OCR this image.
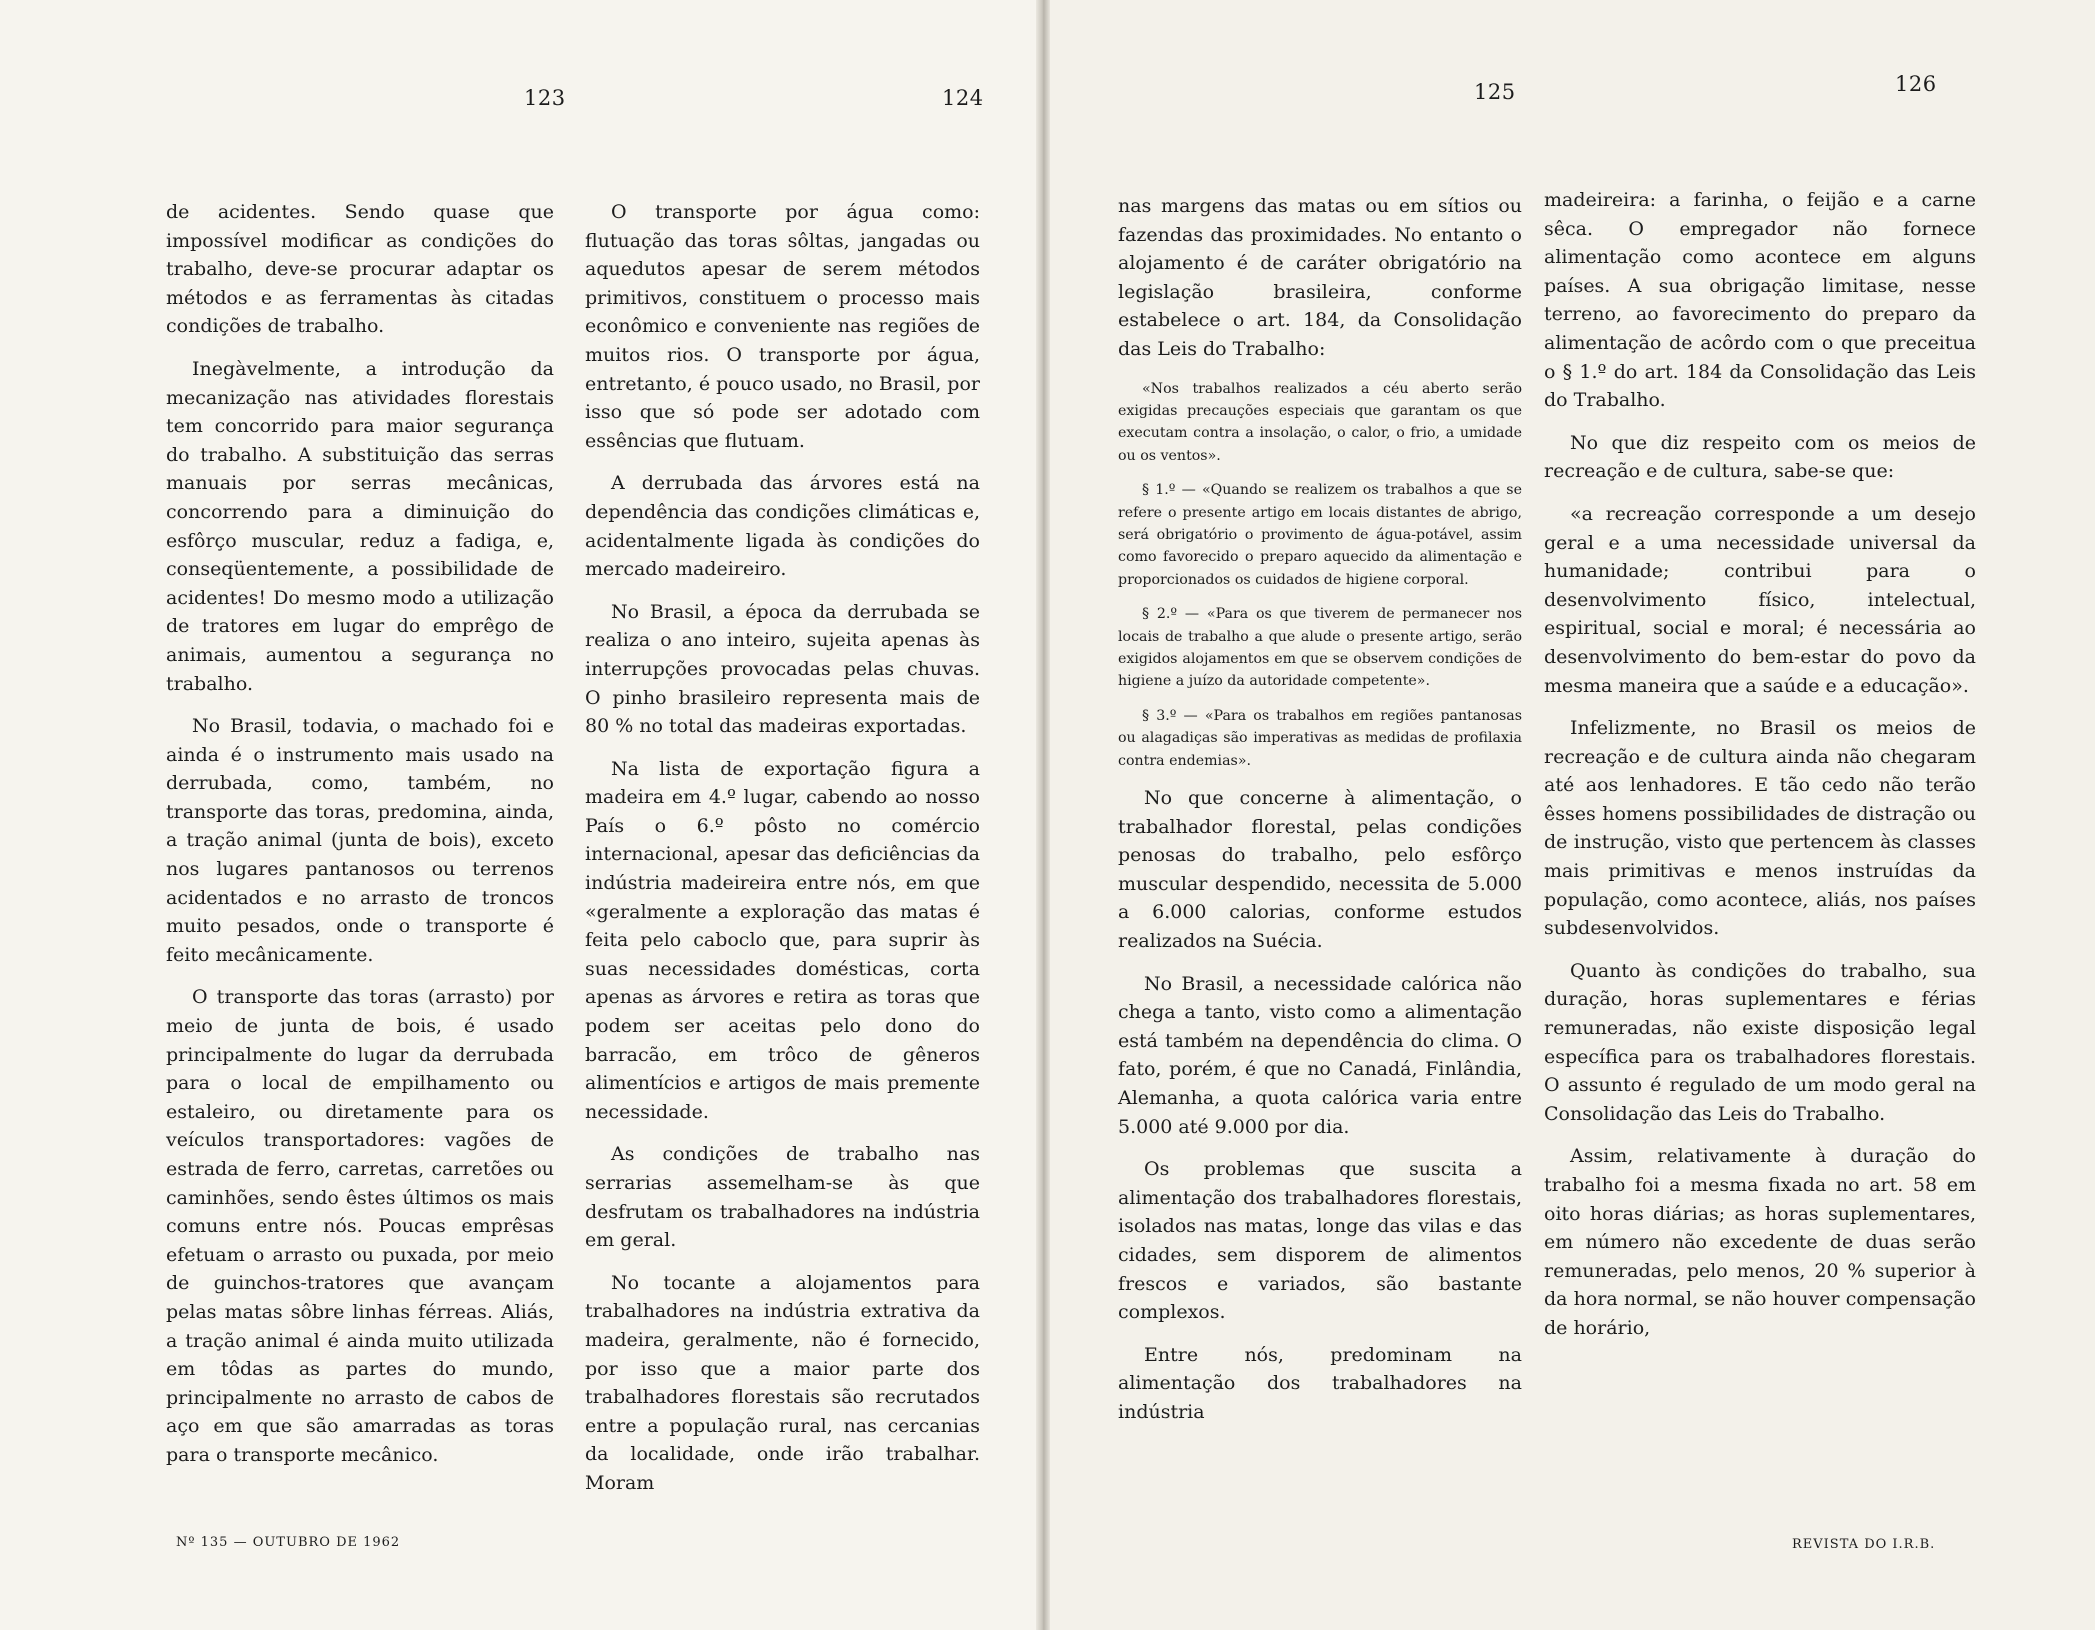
123	124	125	126

de acidentes. Sendo quase que impossível modificar as condições do trabalho, deve-se procurar adaptar os métodos e as ferramentas às citadas condições de trabalho.

Inegàvelmente, a introdução da mecanização nas atividades florestais tem concorrido para maior segurança do trabalho. A substituição das serras manuais por serras mecânicas, concorrendo para a diminuição do esfôrço muscular, reduz a fadiga, e, conseqüentemente, a possibilidade de acidentes! Do mesmo modo a utilização de tratores em lugar do emprêgo de animais, aumentou a segurança no trabalho.

No Brasil, todavia, o machado foi e ainda é o instrumento mais usado na derrubada, como, também, no transporte das toras, predomina, ainda, a tração animal (junta de bois), exceto nos lugares pantanosos ou terrenos acidentados e no arrasto de troncos muito pesados, onde o transporte é feito mecânicamente.

O transporte das toras (arrasto) por meio de junta de bois, é usado principalmente do lugar da derrubada para o local de empilhamento ou estaleiro, ou diretamente para os veículos transportadores: vagões de estrada de ferro, carretas, carretões ou caminhões, sendo êstes últimos os mais comuns entre nós. Poucas emprêsas efetuam o arrasto ou puxada, por meio de guinchos-tratores que avançam pelas matas sôbre linhas férreas. Aliás, a tração animal é ainda muito utilizada em tôdas as partes do mundo, principalmente no arrasto de cabos de aço em que são amarradas as toras para o transporte mecânico.

O transporte por água como: flutuação das toras sôltas, jangadas ou aquedutos apesar de serem métodos primitivos, constituem o processo mais econômico e conveniente nas regiões de muitos rios. O transporte por água, entretanto, é pouco usado, no Brasil, por isso que só pode ser adotado com essências que flutuam.

A derrubada das árvores está na dependência das condições climáticas e, acidentalmente ligada às condições do mercado madeireiro.

No Brasil, a época da derrubada se realiza o ano inteiro, sujeita apenas às interrupções provocadas pelas chuvas. O pinho brasileiro representa mais de 80 % no total das madeiras exportadas.

Na lista de exportação figura a madeira em 4.º lugar, cabendo ao nosso País o 6.º pôsto no comércio internacional, apesar das deficiências da indústria madeireira entre nós, em que «geralmente a exploração das matas é feita pelo caboclo que, para suprir às suas necessidades domésticas, corta apenas as árvores e retira as toras que podem ser aceitas pelo dono do barracão, em trôco de gêneros alimentícios e artigos de mais premente necessidade.

As condições de trabalho nas serrarias assemelham-se às que desfrutam os trabalhadores na indústria em geral.

No tocante a alojamentos para trabalhadores na indústria extrativa da madeira, geralmente, não é fornecido, por isso que a maior parte dos trabalhadores florestais são recrutados entre a população rural, nas cercanias da localidade, onde irão trabalhar. Moram

nas margens das matas ou em sítios ou fazendas das proximidades. No entanto o alojamento é de caráter obrigatório na legislação brasileira, conforme estabelece o art. 184, da Consolidação das Leis do Trabalho:

«Nos trabalhos realizados a céu aberto serão exigidas precauções especiais que garantam os que executam contra a insolação, o calor, o frio, a umidade ou os ventos».

§ 1.º — «Quando se realizem os trabalhos a que se refere o presente artigo em locais distantes de abrigo, será obrigatório o provimento de água-potável, assim como favorecido o preparo aquecido da alimentação e proporcionados os cuidados de higiene corporal.

§ 2.º — «Para os que tiverem de permanecer nos locais de trabalho a que alude o presente artigo, serão exigidos alojamentos em que se observem condições de higiene a juízo da autoridade competente».

§ 3.º — «Para os trabalhos em regiões pantanosas ou alagadiças são imperativas as medidas de profilaxia contra endemias».

No que concerne à alimentação, o trabalhador florestal, pelas condições penosas do trabalho, pelo esfôrço muscular despendido, necessita de 5.000 a 6.000 calorias, conforme estudos realizados na Suécia.

No Brasil, a necessidade calórica não chega a tanto, visto como a alimentação está também na dependência do clima. O fato, porém, é que no Canadá, Finlândia, Alemanha, a quota calórica varia entre 5.000 até 9.000 por dia.

Os problemas que suscita a alimentação dos trabalhadores florestais, isolados nas matas, longe das vilas e das cidades, sem disporem de alimentos frescos e variados, são bastante complexos.

Entre nós, predominam na alimentação dos trabalhadores na indústria

madeireira: a farinha, o feijão e a carne sêca. O empregador não fornece alimentação como acontece em alguns países. A sua obrigação limitase, nesse terreno, ao favorecimento do preparo da alimentação de acôrdo com o que preceitua o § 1.º do art. 184 da Consolidação das Leis do Trabalho.

No que diz respeito com os meios de recreação e de cultura, sabe-se que:

«a recreação corresponde a um desejo geral e a uma necessidade universal da humanidade; contribui para o desenvolvimento físico, intelectual, espiritual, social e moral; é necessária ao desenvolvimento do bem-estar do povo da mesma maneira que a saúde e a educação».

Infelizmente, no Brasil os meios de recreação e de cultura ainda não chegaram até aos lenhadores. E tão cedo não terão êsses homens possibilidades de distração ou de instrução, visto que pertencem às classes mais primitivas e menos instruídas da população, como acontece, aliás, nos países subdesenvolvidos.

Quanto às condições do trabalho, sua duração, horas suplementares e férias remuneradas, não existe disposição legal específica para os trabalhadores florestais. O assunto é regulado de um modo geral na Consolidação das Leis do Trabalho.

Assim, relativamente à duração do trabalho foi a mesma fixada no art. 58 em oito horas diárias; as horas suplementares, em número não excedente de duas serão remuneradas, pelo menos, 20 % superior à da hora normal, se não houver compensação de horário,

Nº 135 — OUTUBRO DE 1962	REVISTA DO I.R.B.
